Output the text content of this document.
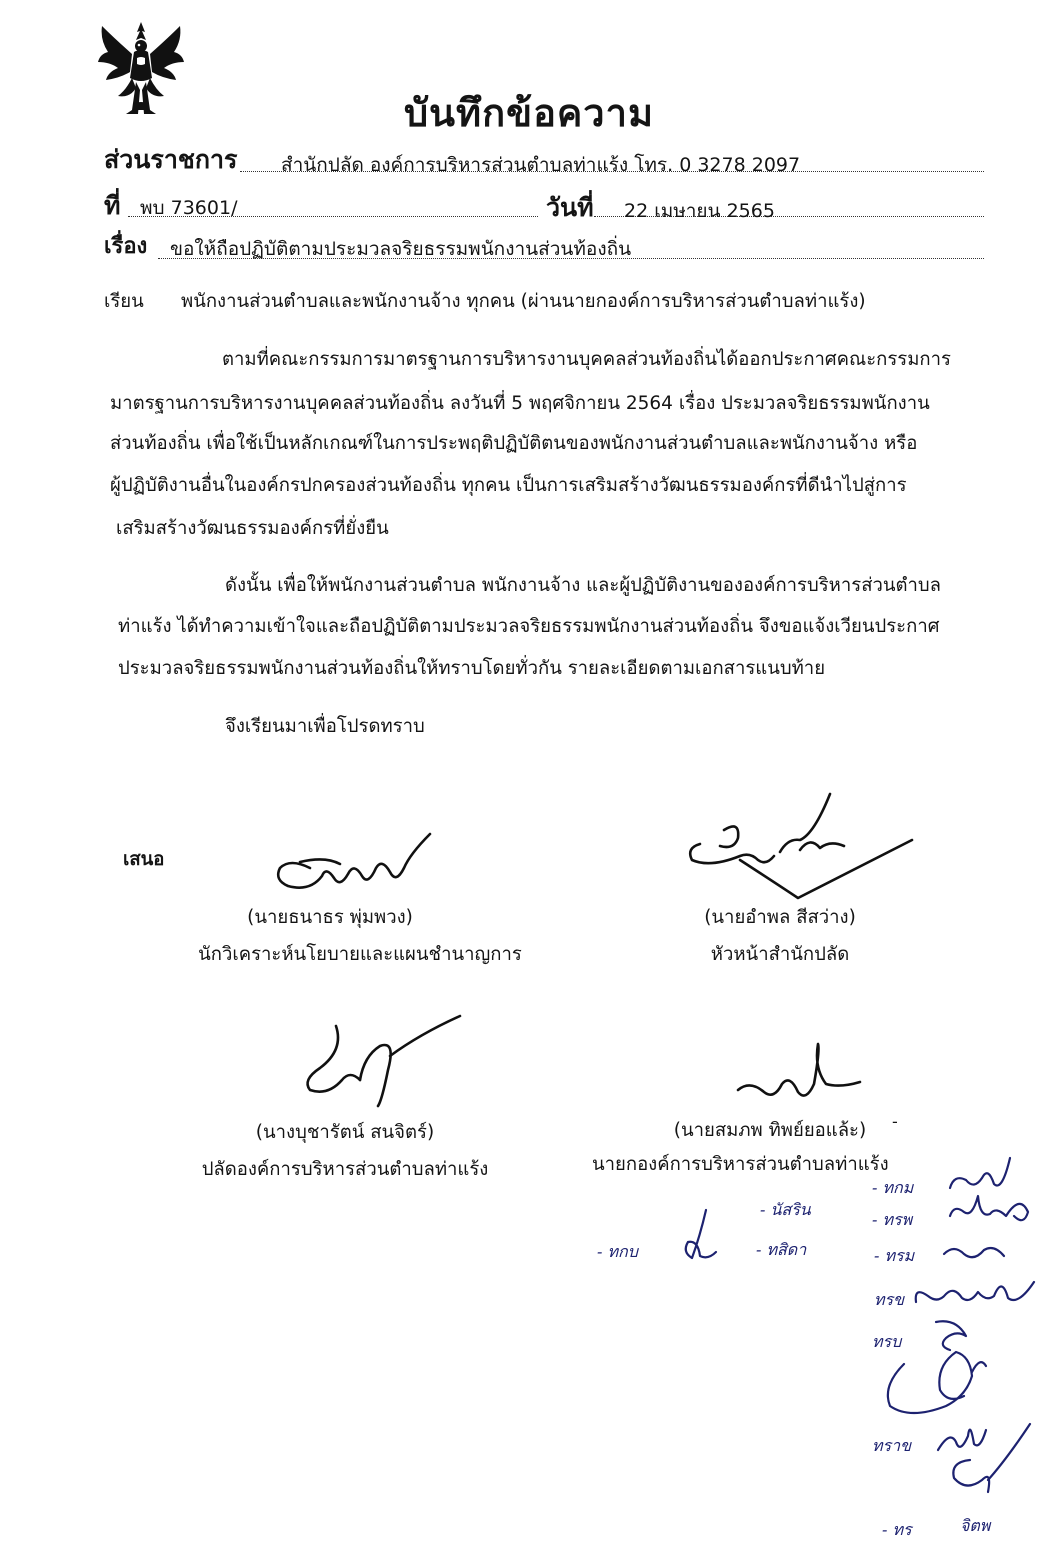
บันทึกข้อความ
ส่วนราชการ สำนักปลัด องค์การบริหารส่วนตำบลท่าแร้ง โทร. 0 3278 2097
ที่ พบ 73601/	วันที่ 22 เมษายน 2565
เรื่อง ขอให้ถือปฏิบัติตามประมวลจริยธรรมพนักงานส่วนท้องถิ่น
เรียน พนักงานส่วนตำบลและพนักงานจ้าง ทุกคน (ผ่านนายกองค์การบริหารส่วนตำบลท่าแร้ง)
ตามที่คณะกรรมการมาตรฐานการบริหารงานบุคคลส่วนท้องถิ่นได้ออกประกาศคณะกรรมการ
มาตรฐานการบริหารงานบุคคลส่วนท้องถิ่น ลงวันที่ 5 พฤศจิกายน 2564 เรื่อง ประมวลจริยธรรมพนักงาน
ส่วนท้องถิ่น เพื่อใช้เป็นหลักเกณฑ์ในการประพฤติปฏิบัติตนของพนักงานส่วนตำบลและพนักงานจ้าง หรือ
ผู้ปฏิบัติงานอื่นในองค์กรปกครองส่วนท้องถิ่น ทุกคน เป็นการเสริมสร้างวัฒนธรรมองค์กรที่ดีนำไปสู่การ
เสริมสร้างวัฒนธรรมองค์กรที่ยั่งยืน
ดังนั้น เพื่อให้พนักงานส่วนตำบล พนักงานจ้าง และผู้ปฏิบัติงานขององค์การบริหารส่วนตำบล
ท่าแร้ง ได้ทำความเข้าใจและถือปฏิบัติตามประมวลจริยธรรมพนักงานส่วนท้องถิ่น จึงขอแจ้งเวียนประกาศ
ประมวลจริยธรรมพนักงานส่วนท้องถิ่นให้ทราบโดยทั่วกัน รายละเอียดตามเอกสารแนบท้าย
จึงเรียนมาเพื่อโปรดทราบ
เสนอ
(นายธนาธร พุ่มพวง)
นักวิเคราะห์นโยบายและแผนชำนาญการ
(นายอำพล สีสว่าง)
หัวหน้าสำนักปลัด
(นางบุชารัตน์ สนจิตร์)
ปลัดองค์การบริหารส่วนตำบลท่าแร้ง
(นายสมภพ ทิพย์ยอแล้ะ)	-
นายกองค์การบริหารส่วนตำบลท่าแร้ง
- ทกบ
- นัสริน
- ทสิดา
- ทกม
- ทรพ
- ทรม
ทรข
ทรบ
ทราข
- ทร	จิตพ
